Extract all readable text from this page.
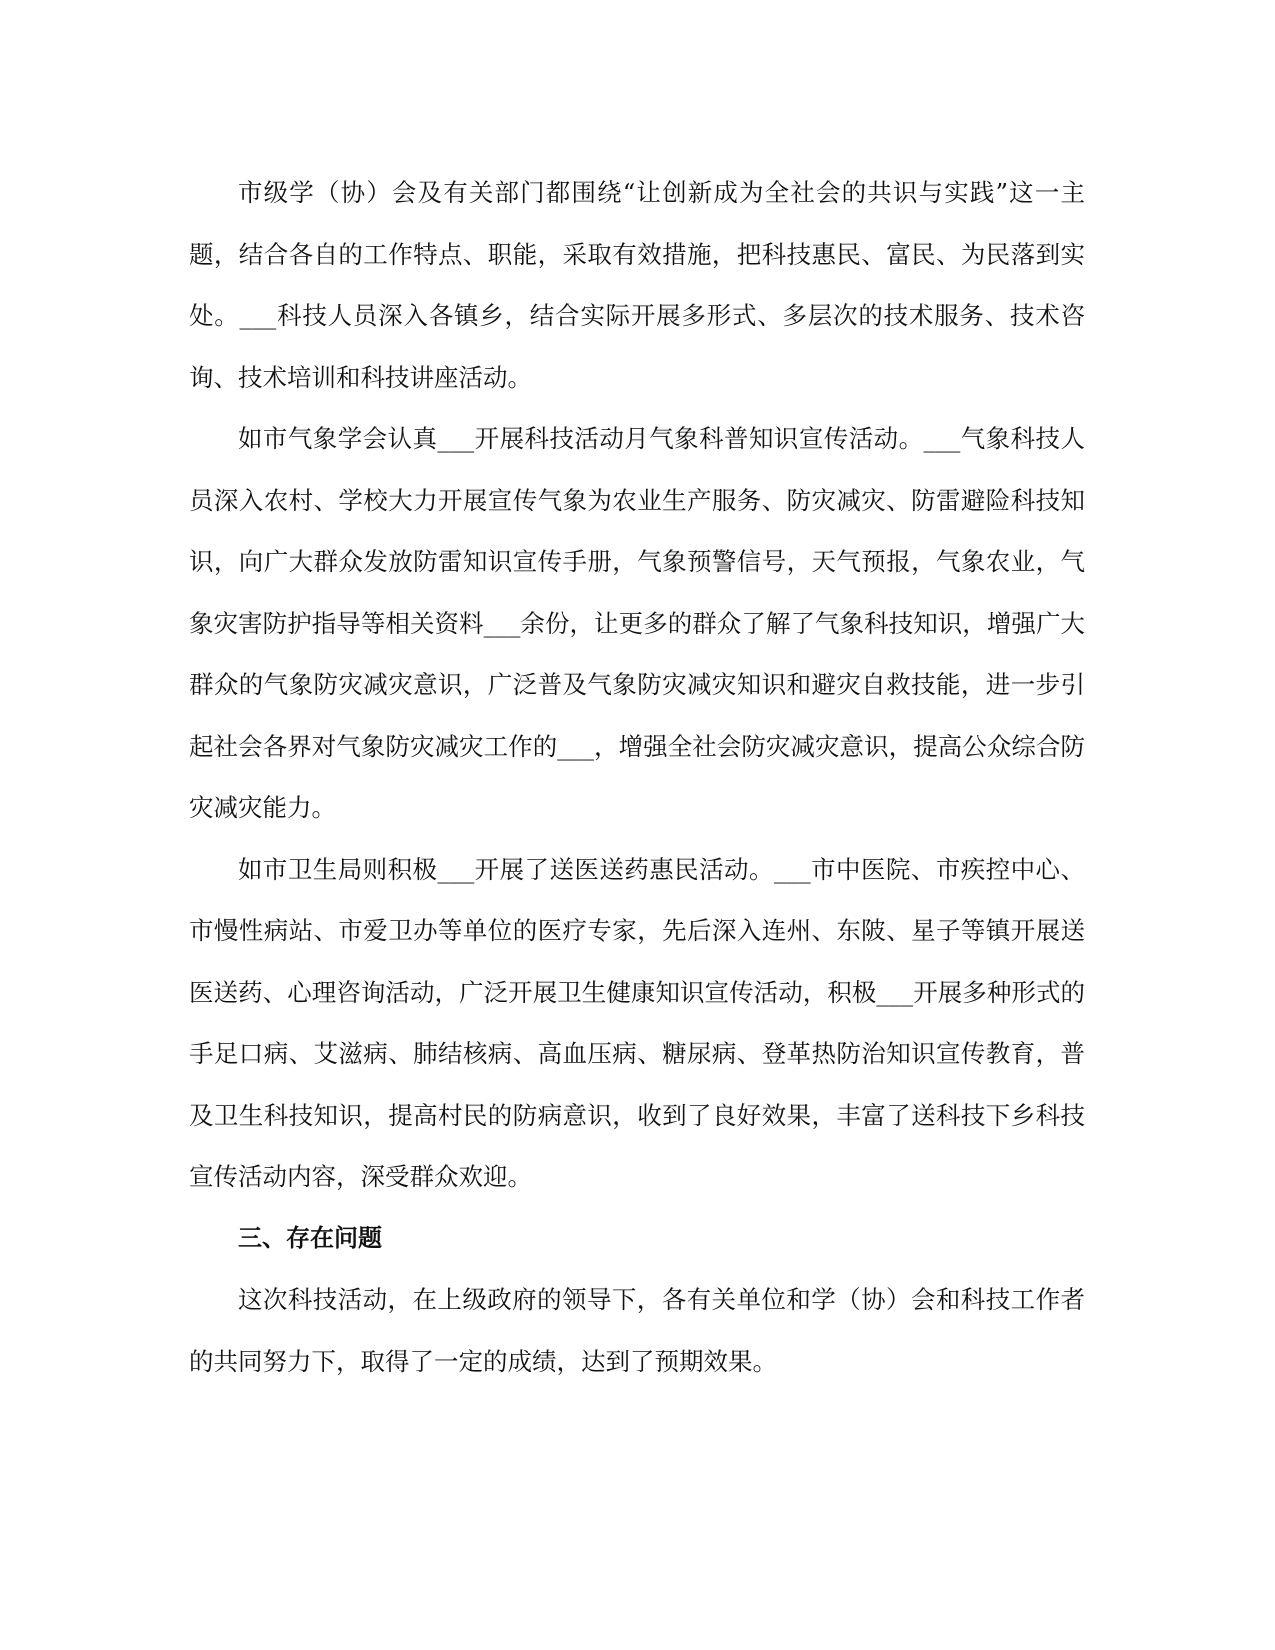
市级学（协）会及有关部门都围绕“让创新成为全社会的共识与实践”这一主题，结合各自的工作特点、职能，采取有效措施，把科技惠民、富民、为民落到实处。___科技人员深入各镇乡，结合实际开展多形式、多层次的技术服务、技术咨询、技术培训和科技讲座活动。

如市气象学会认真___开展科技活动月气象科普知识宣传活动。___气象科技人员深入农村、学校大力开展宣传气象为农业生产服务、防灾减灾、防雷避险科技知识，向广大群众发放防雷知识宣传手册，气象预警信号，天气预报，气象农业，气象灾害防护指导等相关资料___余份，让更多的群众了解了气象科技知识，增强广大群众的气象防灾减灾意识，广泛普及气象防灾减灾知识和避灾自救技能，进一步引起社会各界对气象防灾减灾工作的___，增强全社会防灾减灾意识，提高公众综合防灾减灾能力。

如市卫生局则积极___开展了送医送药惠民活动。___市中医院、市疾控中心、市慢性病站、市爱卫办等单位的医疗专家，先后深入连州、东陂、星子等镇开展送医送药、心理咨询活动，广泛开展卫生健康知识宣传活动，积极___开展多种形式的手足口病、艾滋病、肺结核病、高血压病、糖尿病、登革热防治知识宣传教育，普及卫生科技知识，提高村民的防病意识，收到了良好效果，丰富了送科技下乡科技宣传活动内容，深受群众欢迎。

三、存在问题

这次科技活动，在上级政府的领导下，各有关单位和学（协）会和科技工作者的共同努力下，取得了一定的成绩，达到了预期效果。
